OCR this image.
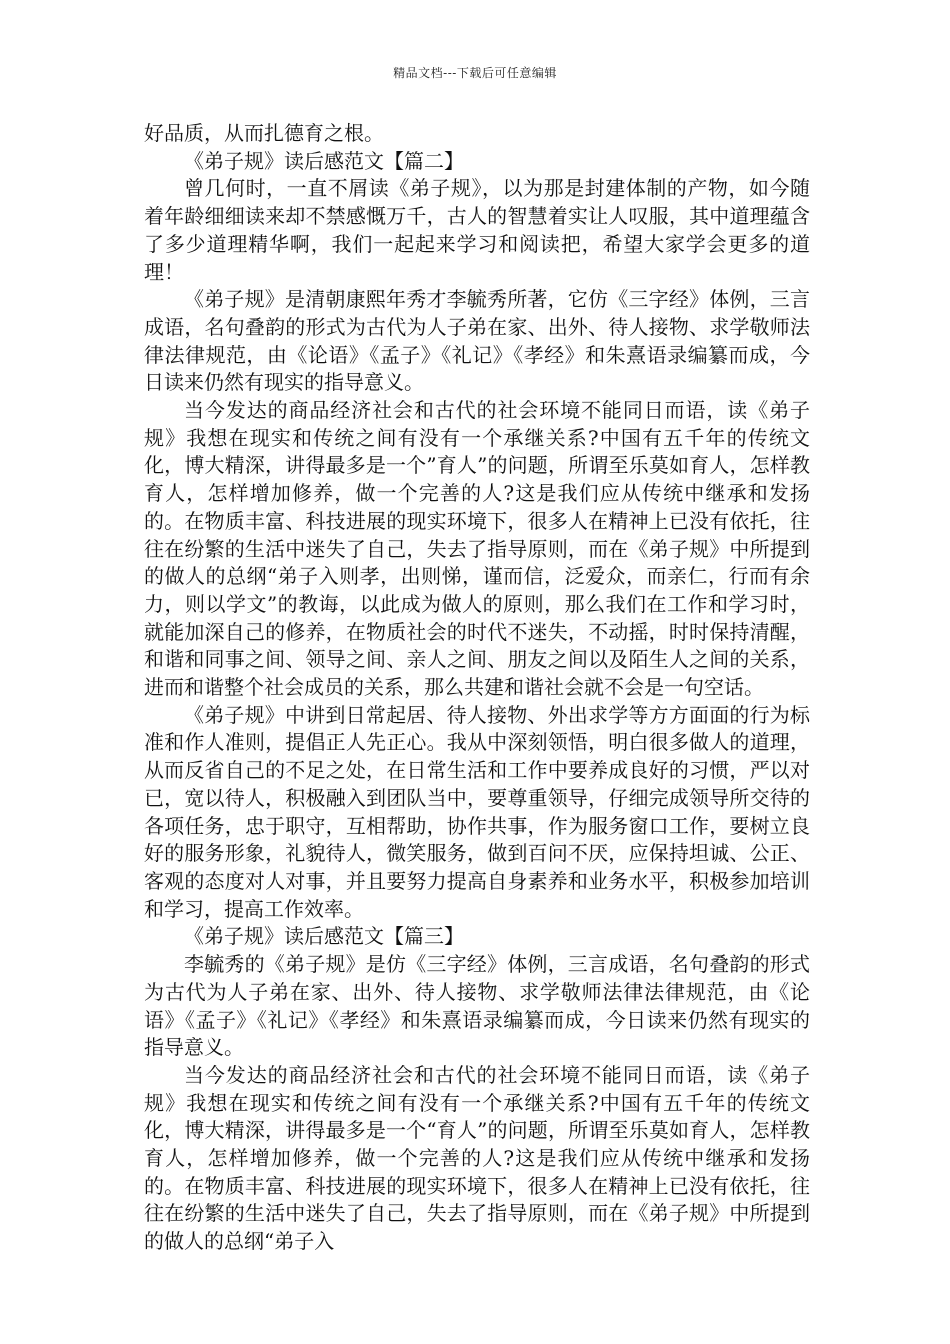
精品文档---下载后可任意编辑

好品质，从而扎德育之根。

《弟子规》读后感范文【篇二】

曾几何时，一直不屑读《弟子规》，以为那是封建体制的产物，如今随着年龄细细读来却不禁感慨万千，古人的智慧着实让人叹服，其中道理蕴含了多少道理精华啊，我们一起起来学习和阅读把，希望大家学会更多的道理！

《弟子规》是清朝康熙年秀才李毓秀所著，它仿《三字经》体例，三言成语，名句叠韵的形式为古代为人子弟在家、出外、待人接物、求学敬师法律法律规范，由《论语》《孟子》《礼记》《孝经》和朱熹语录编纂而成，今日读来仍然有现实的指导意义。

当今发达的商品经济社会和古代的社会环境不能同日而语，读《弟子规》我想在现实和传统之间有没有一个承继关系?中国有五千年的传统文化，博大精深，讲得最多是一个”育人”的问题，所谓至乐莫如育人，怎样教育人，怎样增加修养，做一个完善的人?这是我们应从传统中继承和发扬的。在物质丰富、科技进展的现实环境下，很多人在精神上已没有依托，往往在纷繁的生活中迷失了自己，失去了指导原则，而在《弟子规》中所提到的做人的总纲“弟子入则孝，出则悌，谨而信，泛爱众，而亲仁，行而有余力，则以学文”的教诲，以此成为做人的原则，那么我们在工作和学习时，就能加深自己的修养，在物质社会的时代不迷失，不动摇，时时保持清醒，和谐和同事之间、领导之间、亲人之间、朋友之间以及陌生人之间的关系，进而和谐整个社会成员的关系，那么共建和谐社会就不会是一句空话。

《弟子规》中讲到日常起居、待人接物、外出求学等方方面面的行为标准和作人准则，提倡正人先正心。我从中深刻领悟，明白很多做人的道理，从而反省自己的不足之处，在日常生活和工作中要养成良好的习惯，严以对已，宽以待人，积极融入到团队当中，要尊重领导，仔细完成领导所交待的各项任务，忠于职守，互相帮助，协作共事，作为服务窗口工作，要树立良好的服务形象，礼貌待人，微笑服务，做到百问不厌，应保持坦诚、公正、客观的态度对人对事，并且要努力提高自身素养和业务水平，积极参加培训和学习，提高工作效率。

《弟子规》读后感范文【篇三】

李毓秀的《弟子规》是仿《三字经》体例，三言成语，名句叠韵的形式为古代为人子弟在家、出外、待人接物、求学敬师法律法律规范，由《论语》《孟子》《礼记》《孝经》和朱熹语录编纂而成，今日读来仍然有现实的指导意义。

当今发达的商品经济社会和古代的社会环境不能同日而语，读《弟子规》我想在现实和传统之间有没有一个承继关系?中国有五千年的传统文化，博大精深，讲得最多是一个“育人”的问题，所谓至乐莫如育人，怎样教育人，怎样增加修养，做一个完善的人?这是我们应从传统中继承和发扬的。在物质丰富、科技进展的现实环境下，很多人在精神上已没有依托，往往在纷繁的生活中迷失了自己，失去了指导原则，而在《弟子规》中所提到的做人的总纲“弟子入
